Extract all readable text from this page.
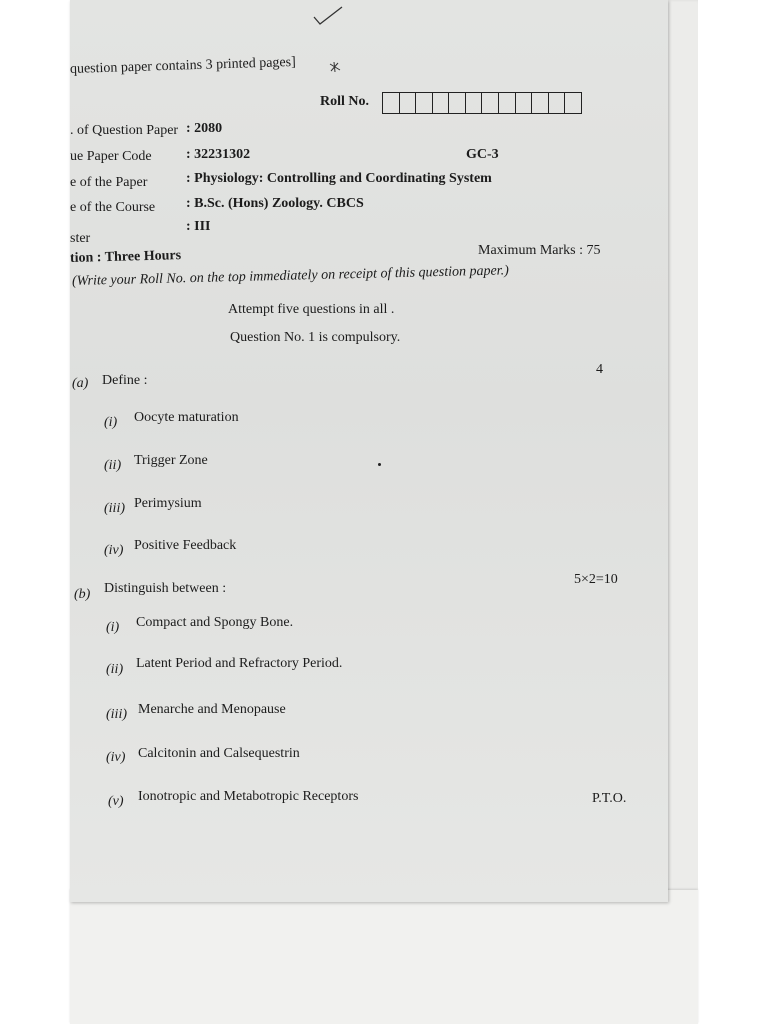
question paper contains 3 printed pages]
Roll No.
. of Question Paper : 2080
ue Paper Code : 32231302	GC-3
e of the Paper	: Physiology: Controlling and Coordinating System
e of the Course : B.Sc. (Hons) Zoology. CBCS
ster
: III
tion : Three Hours	Maximum Marks : 75
(Write your Roll No. on the top immediately on receipt of this question paper.)
Attempt five questions in all .
Question No. 1 is compulsory.
(a) Define :
4
(i) Oocyte maturation
(ii) Trigger Zone
(iii) Perimysium
(iv) Positive Feedback
(b) Distinguish between :
5×2=10
(i) Compact and Spongy Bone.
(ii) Latent Period and Refractory Period.
(iii) Menarche and Menopause
(iv) Calcitonin and Calsequestrin
(v) Ionotropic and Metabotropic Receptors	P.T.O.
